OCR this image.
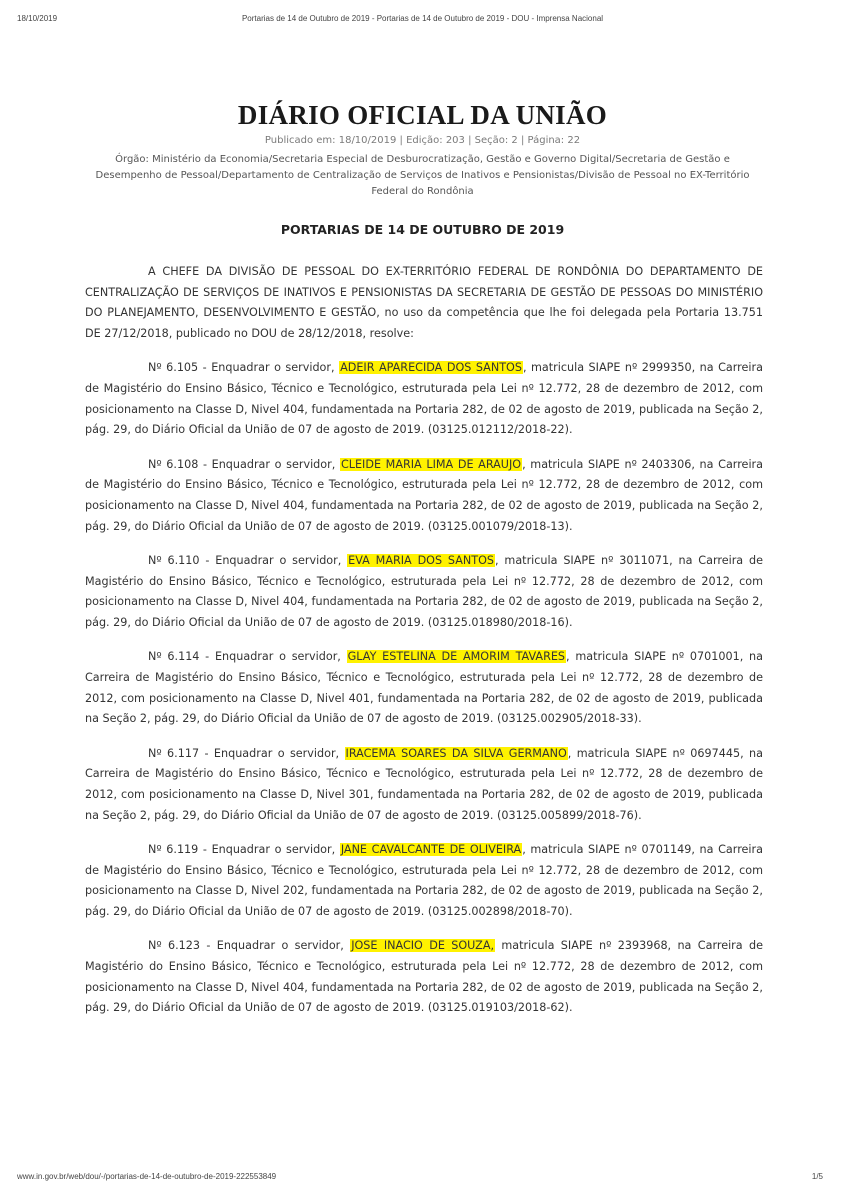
18/10/2019	Portarias de 14 de Outubro de 2019 - Portarias de 14 de Outubro de 2019 - DOU - Imprensa Nacional
DIÁRIO OFICIAL DA UNIÃO
Publicado em: 18/10/2019 | Edição: 203 | Seção: 2 | Página: 22
Órgão: Ministério da Economia/Secretaria Especial de Desburocratização, Gestão e Governo Digital/Secretaria de Gestão e Desempenho de Pessoal/Departamento de Centralização de Serviços de Inativos e Pensionistas/Divisão de Pessoal no EX-Território Federal do Rondônia
PORTARIAS DE 14 DE OUTUBRO DE 2019

A CHEFE DA DIVISÃO DE PESSOAL DO EX-TERRITÓRIO FEDERAL DE RONDÔNIA DO DEPARTAMENTO DE CENTRALIZAÇÃO DE SERVIÇOS DE INATIVOS E PENSIONISTAS DA SECRETARIA DE GESTÃO DE PESSOAS DO MINISTÉRIO DO PLANEJAMENTO, DESENVOLVIMENTO E GESTÃO, no uso da competência que lhe foi delegada pela Portaria 13.751 DE 27/12/2018, publicado no DOU de 28/12/2018, resolve:

Nº 6.105 - Enquadrar o servidor, ADEIR APARECIDA DOS SANTOS, matricula SIAPE nº 2999350, na Carreira de Magistério do Ensino Básico, Técnico e Tecnológico, estruturada pela Lei nº 12.772, 28 de dezembro de 2012, com posicionamento na Classe D, Nivel 404, fundamentada na Portaria 282, de 02 de agosto de 2019, publicada na Seção 2, pág. 29, do Diário Oficial da União de 07 de agosto de 2019. (03125.012112/2018-22).

Nº 6.108 - Enquadrar o servidor, CLEIDE MARIA LIMA DE ARAUJO, matricula SIAPE nº 2403306, na Carreira de Magistério do Ensino Básico, Técnico e Tecnológico, estruturada pela Lei nº 12.772, 28 de dezembro de 2012, com posicionamento na Classe D, Nivel 404, fundamentada na Portaria 282, de 02 de agosto de 2019, publicada na Seção 2, pág. 29, do Diário Oficial da União de 07 de agosto de 2019. (03125.001079/2018-13).

Nº 6.110 - Enquadrar o servidor, EVA MARIA DOS SANTOS, matricula SIAPE nº 3011071, na Carreira de Magistério do Ensino Básico, Técnico e Tecnológico, estruturada pela Lei nº 12.772, 28 de dezembro de 2012, com posicionamento na Classe D, Nivel 404, fundamentada na Portaria 282, de 02 de agosto de 2019, publicada na Seção 2, pág. 29, do Diário Oficial da União de 07 de agosto de 2019. (03125.018980/2018-16).

Nº 6.114 - Enquadrar o servidor, GLAY ESTELINA DE AMORIM TAVARES, matricula SIAPE nº 0701001, na Carreira de Magistério do Ensino Básico, Técnico e Tecnológico, estruturada pela Lei nº 12.772, 28 de dezembro de 2012, com posicionamento na Classe D, Nivel 401, fundamentada na Portaria 282, de 02 de agosto de 2019, publicada na Seção 2, pág. 29, do Diário Oficial da União de 07 de agosto de 2019. (03125.002905/2018-33).

Nº 6.117 - Enquadrar o servidor, IRACEMA SOARES DA SILVA GERMANO, matricula SIAPE nº 0697445, na Carreira de Magistério do Ensino Básico, Técnico e Tecnológico, estruturada pela Lei nº 12.772, 28 de dezembro de 2012, com posicionamento na Classe D, Nivel 301, fundamentada na Portaria 282, de 02 de agosto de 2019, publicada na Seção 2, pág. 29, do Diário Oficial da União de 07 de agosto de 2019. (03125.005899/2018-76).

Nº 6.119 - Enquadrar o servidor, JANE CAVALCANTE DE OLIVEIRA, matricula SIAPE nº 0701149, na Carreira de Magistério do Ensino Básico, Técnico e Tecnológico, estruturada pela Lei nº 12.772, 28 de dezembro de 2012, com posicionamento na Classe D, Nivel 202, fundamentada na Portaria 282, de 02 de agosto de 2019, publicada na Seção 2, pág. 29, do Diário Oficial da União de 07 de agosto de 2019. (03125.002898/2018-70).

Nº 6.123 - Enquadrar o servidor, JOSE INACIO DE SOUZA, matricula SIAPE nº 2393968, na Carreira de Magistério do Ensino Básico, Técnico e Tecnológico, estruturada pela Lei nº 12.772, 28 de dezembro de 2012, com posicionamento na Classe D, Nivel 404, fundamentada na Portaria 282, de 02 de agosto de 2019, publicada na Seção 2, pág. 29, do Diário Oficial da União de 07 de agosto de 2019. (03125.019103/2018-62).

www.in.gov.br/web/dou/-/portarias-de-14-de-outubro-de-2019-222553849	1/5
